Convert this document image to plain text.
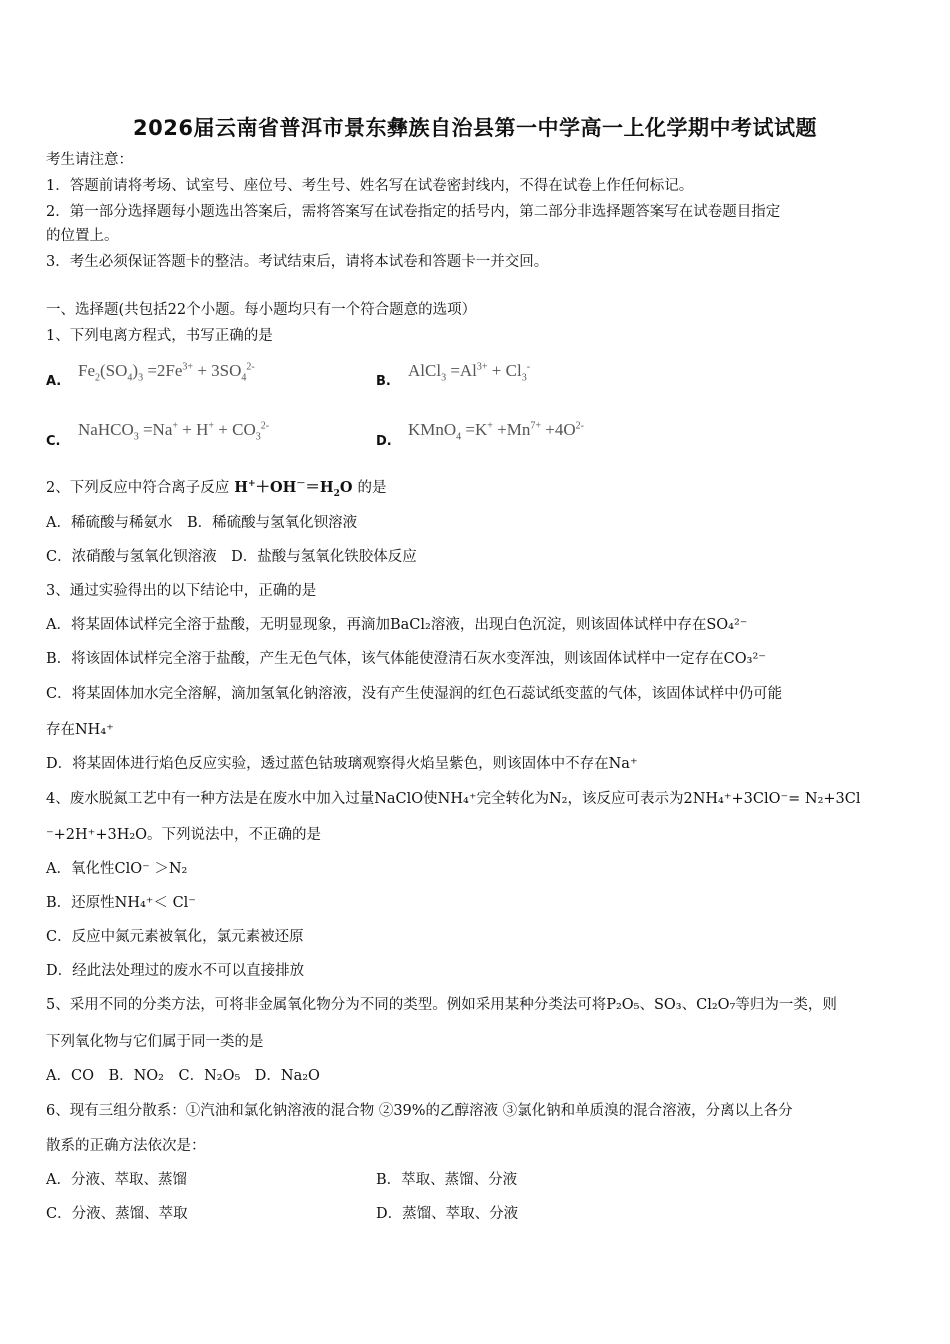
2026届云南省普洱市景东彝族自治县第一中学高一上化学期中考试试题
考生请注意：
1．答题前请将考场、试室号、座位号、考生号、姓名写在试卷密封线内，不得在试卷上作任何标记。
2．第一部分选择题每小题选出答案后，需将答案写在试卷指定的括号内，第二部分非选择题答案写在试卷题目指定
的位置上。
3．考生必须保证答题卡的整洁。考试结束后，请将本试卷和答题卡一并交回。
一、选择题(共包括22个小题。每小题均只有一个符合题意的选项）
1、下列电离方程式，书写正确的是
A.
$Fe_2(SO_4)_3 =2Fe^{3+} + 3SO_4^{2-}$
B.
AlCl$_3$ $=Al^{3+} + Cl_3^-$
C.
NaHCO$_3$ $=Na^+ + H^+ + CO_3^{2-}$
D.
KMnO$_4$ $=K^+ +Mn^{7+} +4O^{2-}$
2、下列反应中符合离子反应 $H^++OH^-=H_2O$ 的是
A．稀硫酸与稀氨水　B．稀硫酸与氢氧化钡溶液
C．浓硝酸与氢氧化钡溶液　D．盐酸与氢氧化铁胶体反应
3、通过实验得出的以下结论中，正确的是
A．将某固体试样完全溶于盐酸，无明显现象，再滴加BaCl₂溶液，出现白色沉淀，则该固体试样中存在SO₄²⁻
B．将该固体试样完全溶于盐酸，产生无色气体，该气体能使澄清石灰水变浑浊，则该固体试样中一定存在CO₃²⁻
C．将某固体加水完全溶解，滴加氢氧化钠溶液，没有产生使湿润的红色石蕊试纸变蓝的气体，该固体试样中仍可能
存在NH₄⁺
D．将某固体进行焰色反应实验，透过蓝色钴玻璃观察得火焰呈紫色，则该固体中不存在Na⁺
4、废水脱氮工艺中有一种方法是在废水中加入过量NaClO使NH₄⁺完全转化为N₂，该反应可表示为2NH₄⁺+3ClO⁻= N₂+3Cl
⁻+2H⁺+3H₂O。下列说法中，不正确的是
A．氧化性ClO⁻ ＞N₂
B．还原性NH₄⁺＜ Cl⁻
C．反应中氮元素被氧化，氯元素被还原
D．经此法处理过的废水不可以直接排放
5、采用不同的分类方法，可将非金属氧化物分为不同的类型。例如采用某种分类法可将P₂O₅、SO₃、Cl₂O₇等归为一类，则
下列氧化物与它们属于同一类的是
A．CO　B．NO₂　C．N₂O₅　D．Na₂O
6、现有三组分散系：①汽油和氯化钠溶液的混合物 ②39%的乙醇溶液 ③氯化钠和单质溴的混合溶液，分离以上各分
散系的正确方法依次是：
A．分液、萃取、蒸馏	B．萃取、蒸馏、分液
C．分液、蒸馏、萃取	D．蒸馏、萃取、分液
